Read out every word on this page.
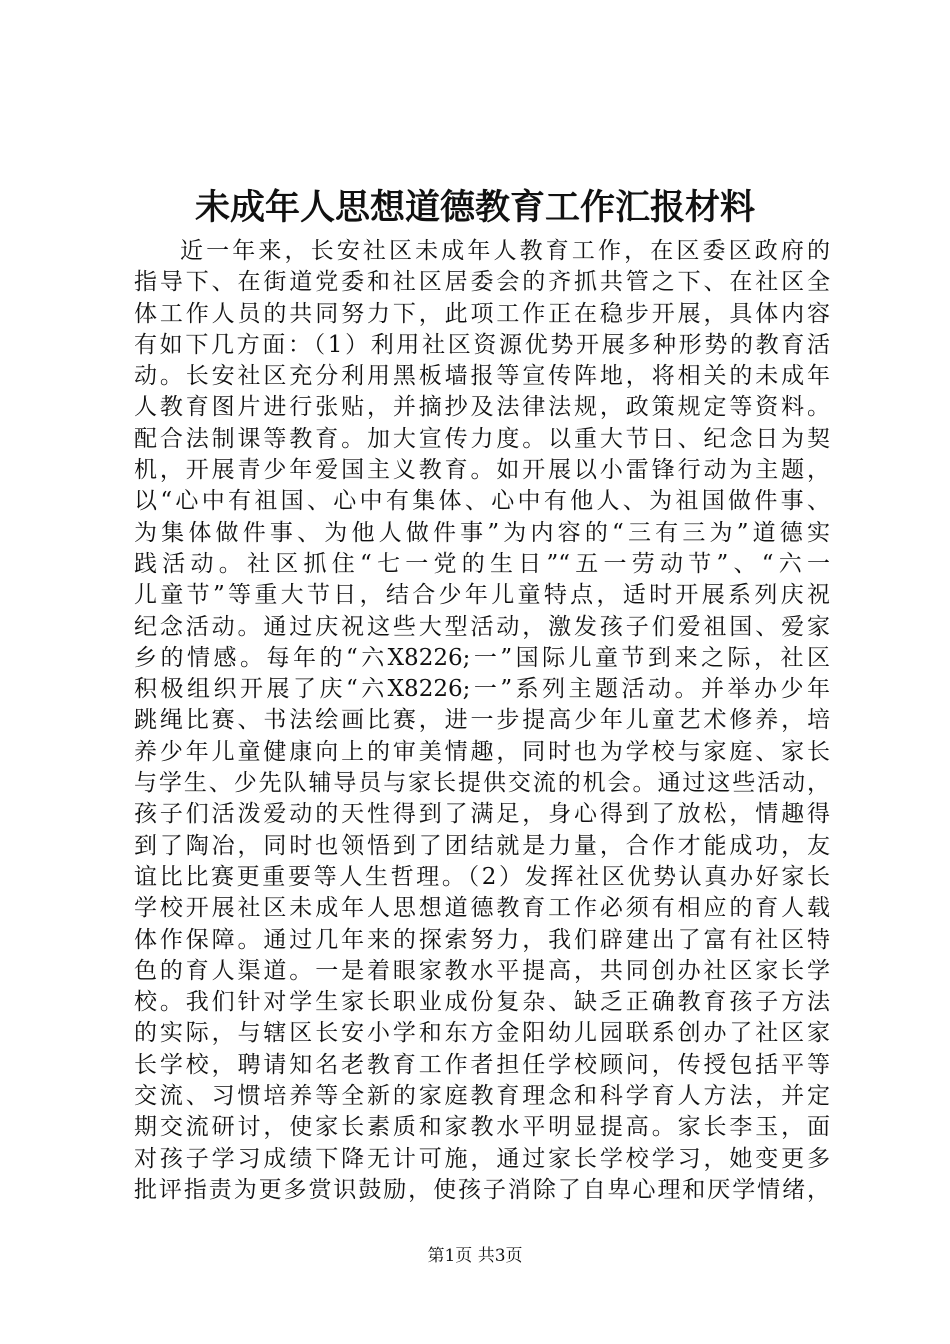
未成年人思想道德教育工作汇报材料
近一年来，长安社区未成年人教育工作，在区委区政府的
指导下、在街道党委和社区居委会的齐抓共管之下、在社区全
体工作人员的共同努力下，此项工作正在稳步开展，具体内容
有如下几方面：（1）利用社区资源优势开展多种形势的教育活
动。长安社区充分利用黑板墙报等宣传阵地，将相关的未成年
人教育图片进行张贴，并摘抄及法律法规，政策规定等资料。
配合法制课等教育。加大宣传力度。以重大节日、纪念日为契
机，开展青少年爱国主义教育。如开展以小雷锋行动为主题，
以“心中有祖国、心中有集体、心中有他人、为祖国做件事、
为集体做件事、为他人做件事”为内容的“三有三为”道德实
践活动。社区抓住“七一党的生日”“五一劳动节”、“六一
儿童节”等重大节日，结合少年儿童特点，适时开展系列庆祝
纪念活动。通过庆祝这些大型活动，激发孩子们爱祖国、爱家
乡的情感。每年的“六X8226;一”国际儿童节到来之际，社区
积极组织开展了庆“六X8226;一”系列主题活动。并举办少年
跳绳比赛、书法绘画比赛，进一步提高少年儿童艺术修养，培
养少年儿童健康向上的审美情趣，同时也为学校与家庭、家长
与学生、少先队辅导员与家长提供交流的机会。通过这些活动，
孩子们活泼爱动的天性得到了满足，身心得到了放松，情趣得
到了陶冶，同时也领悟到了团结就是力量，合作才能成功，友
谊比比赛更重要等人生哲理。（2）发挥社区优势认真办好家长
学校开展社区未成年人思想道德教育工作必须有相应的育人载
体作保障。通过几年来的探索努力，我们辟建出了富有社区特
色的育人渠道。一是着眼家教水平提高，共同创办社区家长学
校。我们针对学生家长职业成份复杂、缺乏正确教育孩子方法
的实际，与辖区长安小学和东方金阳幼儿园联系创办了社区家
长学校，聘请知名老教育工作者担任学校顾问，传授包括平等
交流、习惯培养等全新的家庭教育理念和科学育人方法，并定
期交流研讨，使家长素质和家教水平明显提高。家长李玉，面
对孩子学习成绩下降无计可施，通过家长学校学习，她变更多
批评指责为更多赏识鼓励，使孩子消除了自卑心理和厌学情绪，
第1页 共3页
